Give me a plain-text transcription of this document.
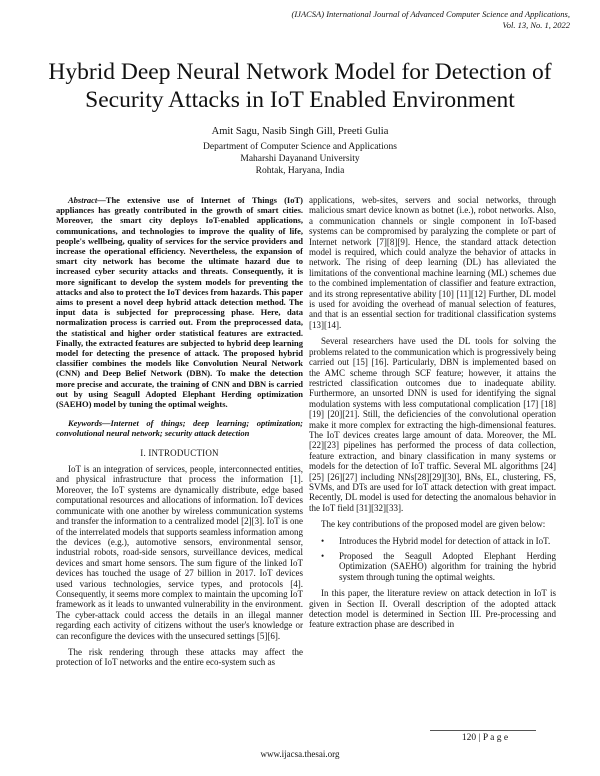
(IJACSA) International Journal of Advanced Computer Science and Applications,
Vol. 13, No. 1, 2022
Hybrid Deep Neural Network Model for Detection of Security Attacks in IoT Enabled Environment
Amit Sagu, Nasib Singh Gill, Preeti Gulia
Department of Computer Science and Applications
Maharshi Dayanand University
Rohtak, Haryana, India

Abstract—The extensive use of Internet of Things (IoT) appliances has greatly contributed in the growth of smart cities. Moreover, the smart city deploys IoT-enabled applications, communications, and technologies to improve the quality of life, people's wellbeing, quality of services for the service providers and increase the operational efficiency. Nevertheless, the expansion of smart city network has become the ultimate hazard due to increased cyber security attacks and threats. Consequently, it is more significant to develop the system models for preventing the attacks and also to protect the IoT devices from hazards. This paper aims to present a novel deep hybrid attack detection method. The input data is subjected for preprocessing phase. Here, data normalization process is carried out. From the preprocessed data, the statistical and higher order statistical features are extracted. Finally, the extracted features are subjected to hybrid deep learning model for detecting the presence of attack. The proposed hybrid classifier combines the models like Convolution Neural Network (CNN) and Deep Belief Network (DBN). To make the detection more precise and accurate, the training of CNN and DBN is carried out by using Seagull Adopted Elephant Herding optimization (SAEHO) model by tuning the optimal weights.

Keywords—Internet of things; deep learning; optimization; convolutional neural network; security attack detection

I. INTRODUCTION

IoT is an integration of services, people, interconnected entities, and physical infrastructure that process the information [1]. Moreover, the IoT systems are dynamically distribute, edge based computational resources and allocations of information. IoT devices communicate with one another by wireless communication systems and transfer the information to a centralized model [2][3]. IoT is one of the interrelated models that supports seamless information among the devices (e.g.), automotive sensors, environmental sensor, industrial robots, road-side sensors, surveillance devices, medical devices and smart home sensors. The sum figure of the linked IoT devices has touched the usage of 27 billion in 2017. IoT devices used various technologies, service types, and protocols [4]. Consequently, it seems more complex to maintain the upcoming IoT framework as it leads to unwanted vulnerability in the environment. The cyber-attack could access the details in an illegal manner regarding each activity of citizens without the user's knowledge or can reconfigure the devices with the unsecured settings [5][6].

The risk rendering through these attacks may affect the protection of IoT networks and the entire eco-system such as

applications, web-sites, servers and social networks, through malicious smart device known as botnet (i.e.), robot networks. Also, a communication channels or single component in IoT-based systems can be compromised by paralyzing the complete or part of Internet network [7][8][9]. Hence, the standard attack detection model is required, which could analyze the behavior of attacks in network. The rising of deep learning (DL) has alleviated the limitations of the conventional machine learning (ML) schemes due to the combined implementation of classifier and feature extraction, and its strong representative ability [10] [11][12] Further, DL model is used for avoiding the overhead of manual selection of features, and that is an essential section for traditional classification systems [13][14].

Several researchers have used the DL tools for solving the problems related to the communication which is progressively being carried out [15] [16]. Particularly, DBN is implemented based on the AMC scheme through SCF feature; however, it attains the restricted classification outcomes due to inadequate ability. Furthermore, an unsorted DNN is used for identifying the signal modulation systems with less computational complication [17] [18] [19] [20][21]. Still, the deficiencies of the convolutional operation make it more complex for extracting the high-dimensional features. The IoT devices creates large amount of data. Moreover, the ML [22][23] pipelines has performed the process of data collection, feature extraction, and binary classification in many systems or models for the detection of IoT traffic. Several ML algorithms [24][25] [26][27] including NNs[28][29][30], BNs, EL, clustering, FS, SVMs, and DTs are used for IoT attack detection with great impact. Recently, DL model is used for detecting the anomalous behavior in the IoT field [31][32][33].

The key contributions of the proposed model are given below:

• Introduces the Hybrid model for detection of attack in IoT.
• Proposed the Seagull Adopted Elephant Herding Optimization (SAEHO) algorithm for training the hybrid system through tuning the optimal weights.

In this paper, the literature review on attack detection in IoT is given in Section II. Overall description of the adopted attack detection model is determined in Section III. Pre-processing and feature extraction phase are described in

120 | P a g e
www.ijacsa.thesai.org
